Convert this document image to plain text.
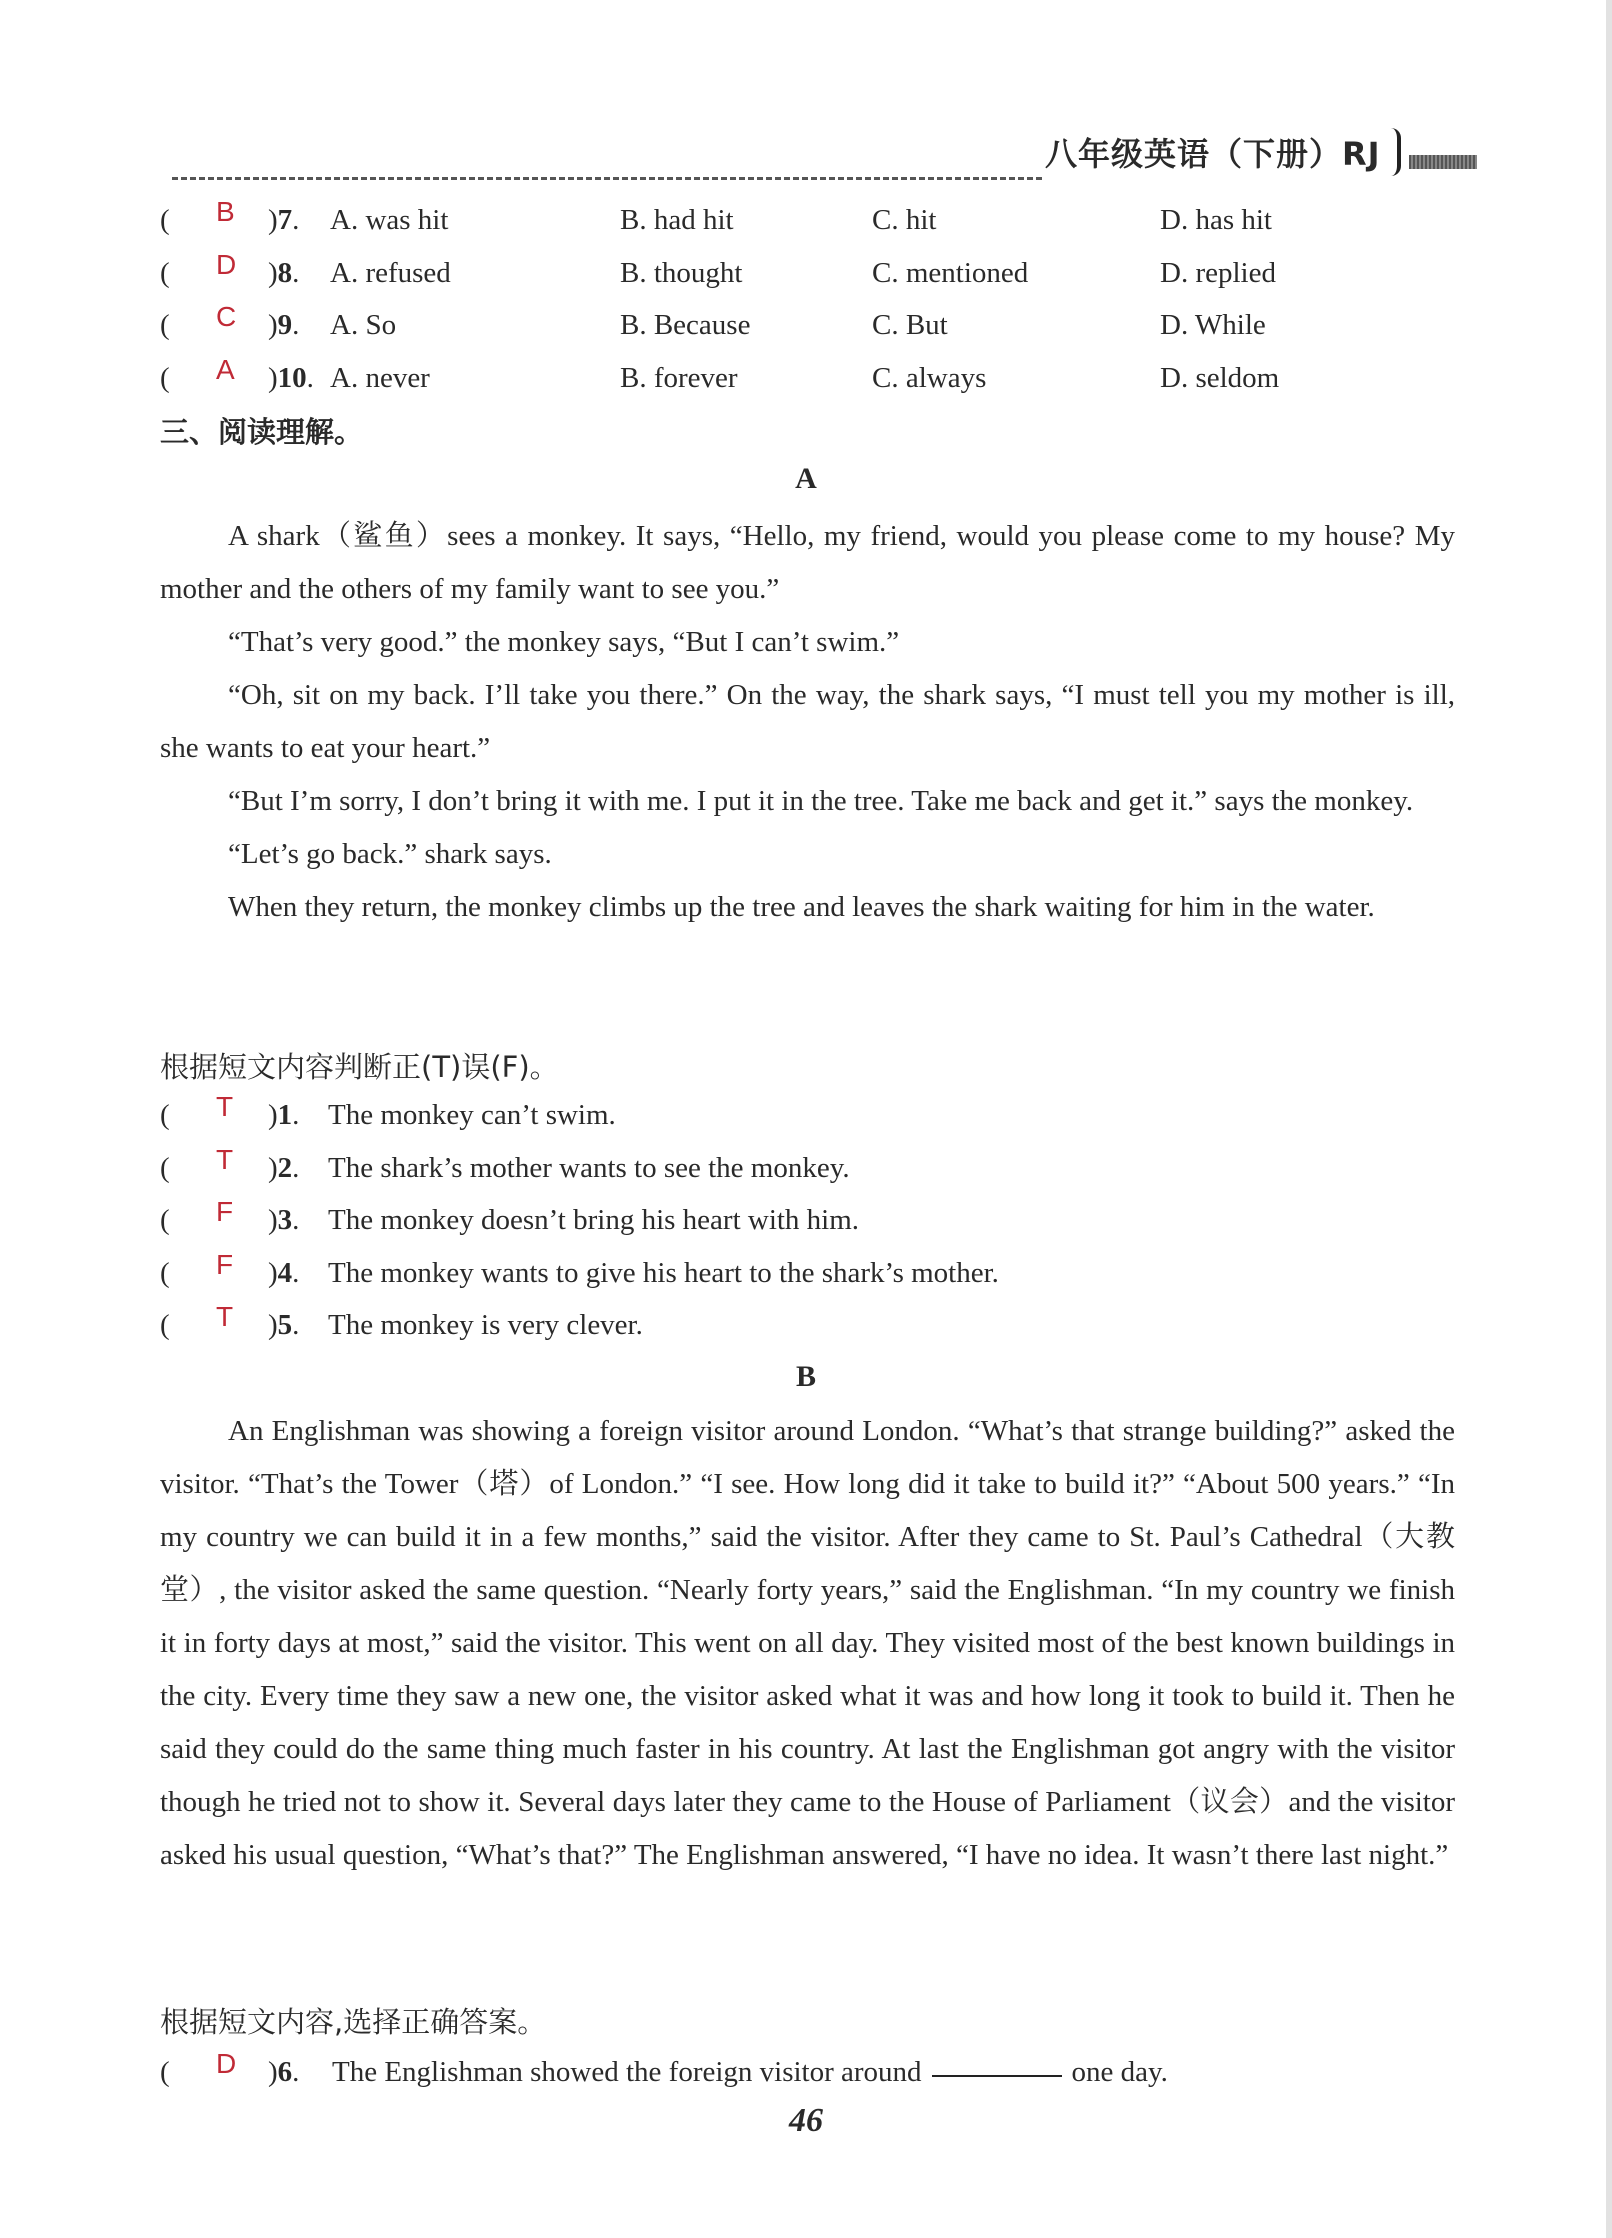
八年级英语（下册）RJ
( B )7. A. was hit	B. had hit	C. hit	D. has hit
( D )8. A. refused	B. thought	C. mentioned	D. replied
( C )9. A. So	B. Because	C. But	D. While
( A )10. A. never	B. forever	C. always	D. seldom
三、阅读理解。
A
A shark（鲨鱼）sees a monkey. It says, “Hello, my friend, would you please come to my house? My mother and the others of my family want to see you.”
“That’s very good.” the monkey says, “But I can’t swim.”
“Oh, sit on my back. I’ll take you there.” On the way, the shark says, “I must tell you my mother is ill, she wants to eat your heart.”
“But I’m sorry, I don’t bring it with me. I put it in the tree. Take me back and get it.” says the monkey.
“Let’s go back.” shark says.
When they return, the monkey climbs up the tree and leaves the shark waiting for him in the water.
根据短文内容判断正(T)误(F)。
( T )1. The monkey can’t swim.
( T )2. The shark’s mother wants to see the monkey.
( F )3. The monkey doesn’t bring his heart with him.
( F )4. The monkey wants to give his heart to the shark’s mother.
( T )5. The monkey is very clever.
B
An Englishman was showing a foreign visitor around London. “What’s that strange building?” asked the visitor. “That’s the Tower（塔）of London.” “I see. How long did it take to build it?” “About 500 years.” “In my country we can build it in a few months,” said the visitor. After they came to St. Paul’s Cathedral（大教堂）, the visitor asked the same question. “Nearly forty years,” said the Englishman. “In my country we finish it in forty days at most,” said the visitor. This went on all day. They visited most of the best known buildings in the city. Every time they saw a new one, the visitor asked what it was and how long it took to build it. Then he said they could do the same thing much faster in his country. At last the Englishman got angry with the visitor though he tried not to show it. Several days later they came to the House of Parliament（议会）and the visitor asked his usual question, “What’s that?” The Englishman answered, “I have no idea. It wasn’t there last night.”
根据短文内容,选择正确答案。
( D )6. The Englishman showed the foreign visitor around	one day.
46
